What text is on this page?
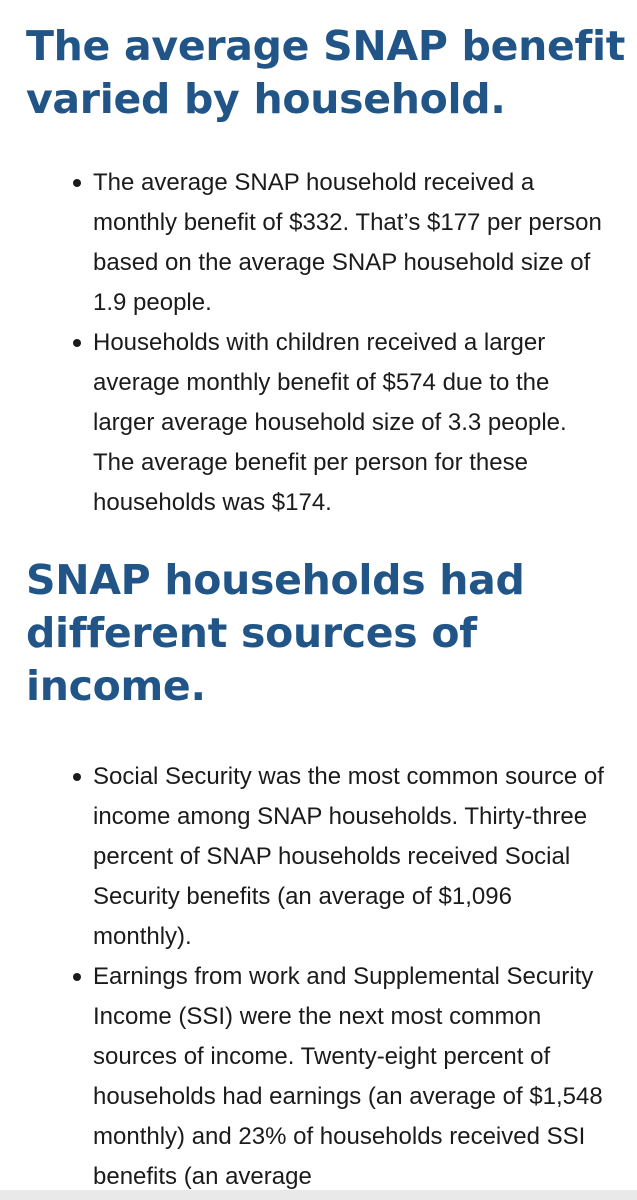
The average SNAP benefit varied by household.
The average SNAP household received a monthly benefit of $332. That’s $177 per person based on the average SNAP household size of 1.9 people.
Households with children received a larger average monthly benefit of $574 due to the larger average household size of 3.3 people. The average benefit per person for these households was $174.
SNAP households had different sources of income.
Social Security was the most common source of income among SNAP households. Thirty-three percent of SNAP households received Social Security benefits (an average of $1,096 monthly).
Earnings from work and Supplemental Security Income (SSI) were the next most common sources of income. Twenty-eight percent of households had earnings (an average of $1,548 monthly) and 23% of households received SSI benefits (an average
